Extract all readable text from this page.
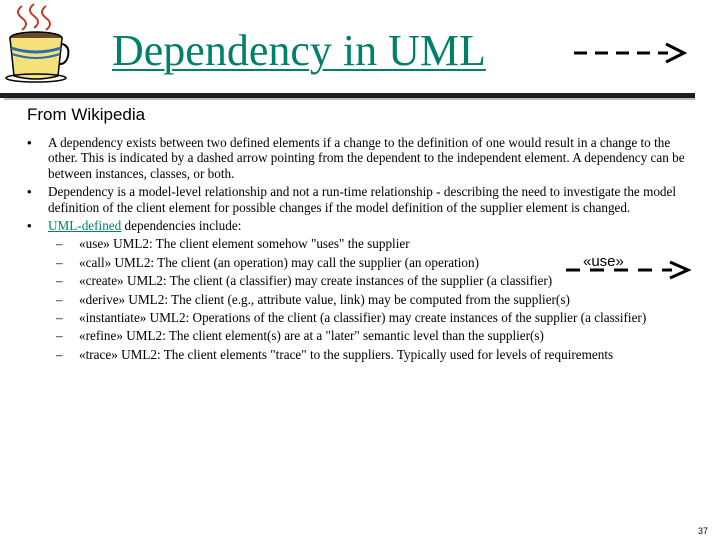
Dependency in UML
From Wikipedia
• A dependency exists between two defined elements if a change to the definition of one would result in a change to the other. This is indicated by a dashed arrow pointing from the dependent to the independent element. A dependency can be between instances, classes, or both.
• Dependency is a model-level relationship and not a run-time relationship - describing the need to investigate the model definition of the client element for possible changes if the model definition of the supplier element is changed.
• UML-defined dependencies include:
– «use» UML2: The client element somehow "uses" the supplier
– «call» UML2: The client (an operation) may call the supplier (an operation)
– «create» UML2: The client (a classifier) may create instances of the supplier (a classifier)
– «derive» UML2: The client (e.g., attribute value, link) may be computed from the supplier(s)
– «instantiate» UML2: Operations of the client (a classifier) may create instances of the supplier (a classifier)
– «refine» UML2: The client element(s) are at a "later" semantic level than the supplier(s)
– «trace» UML2: The client elements "trace" to the suppliers. Typically used for levels of requirements
«use»
37
